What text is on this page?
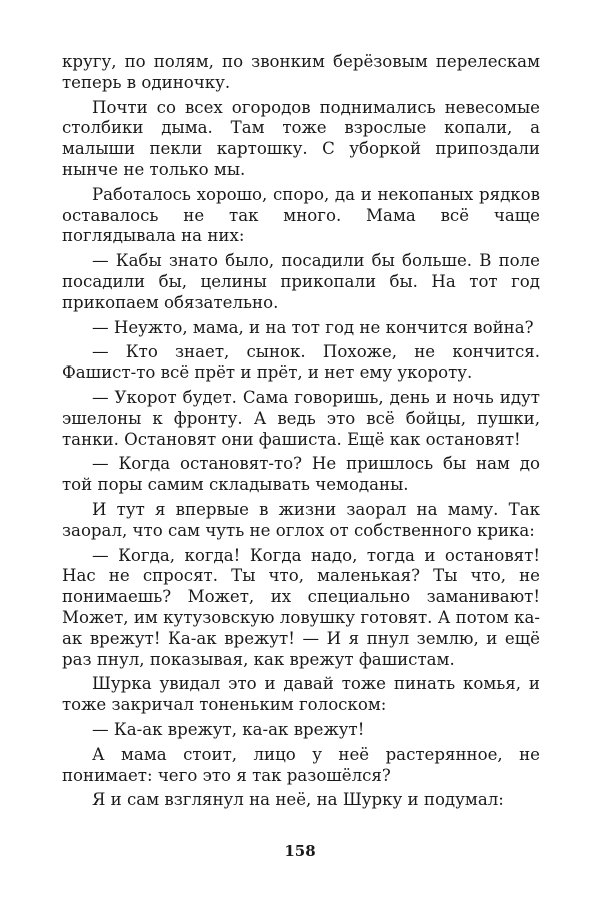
кругу, по полям, по звонким берёзовым перелескам теперь в одиночку.

Почти со всех огородов поднимались невесомые столбики дыма. Там тоже взрослые копали, а малыши пекли картошку. С уборкой припоздали нынче не только мы.

Работалось хорошо, споро, да и некопаных рядков оставалось не так много. Мама всё чаще поглядывала на них:

— Кабы знато было, посадили бы больше. В поле посадили бы, целины прикопали бы. На тот год прикопаем обязательно.

— Неужто, мама, и на тот год не кончится война?

— Кто знает, сынок. Похоже, не кончится. Фашист-то всё прёт и прёт, и нет ему укороту.

— Укорот будет. Сама говоришь, день и ночь идут эшелоны к фронту. А ведь это всё бойцы, пушки, танки. Остановят они фашиста. Ещё как остановят!

— Когда остановят-то? Не пришлось бы нам до той поры самим складывать чемоданы.

И тут я впервые в жизни заорал на маму. Так заорал, что сам чуть не оглох от собственного крика:

— Когда, когда! Когда надо, тогда и остановят! Нас не спросят. Ты что, маленькая? Ты что, не понимаешь? Может, их специально заманивают! Может, им кутузовскую ловушку готовят. А потом ка-ак врежут! Ка-ак врежут! — И я пнул землю, и ещё раз пнул, показывая, как врежут фашистам.

Шурка увидал это и давай тоже пинать комья, и тоже закричал тоненьким голоском:

— Ка-ак врежут, ка-ак врежут!

А мама стоит, лицо у неё растерянное, не понимает: чего это я так разошёлся?

Я и сам взглянул на неё, на Шурку и подумал:

158
